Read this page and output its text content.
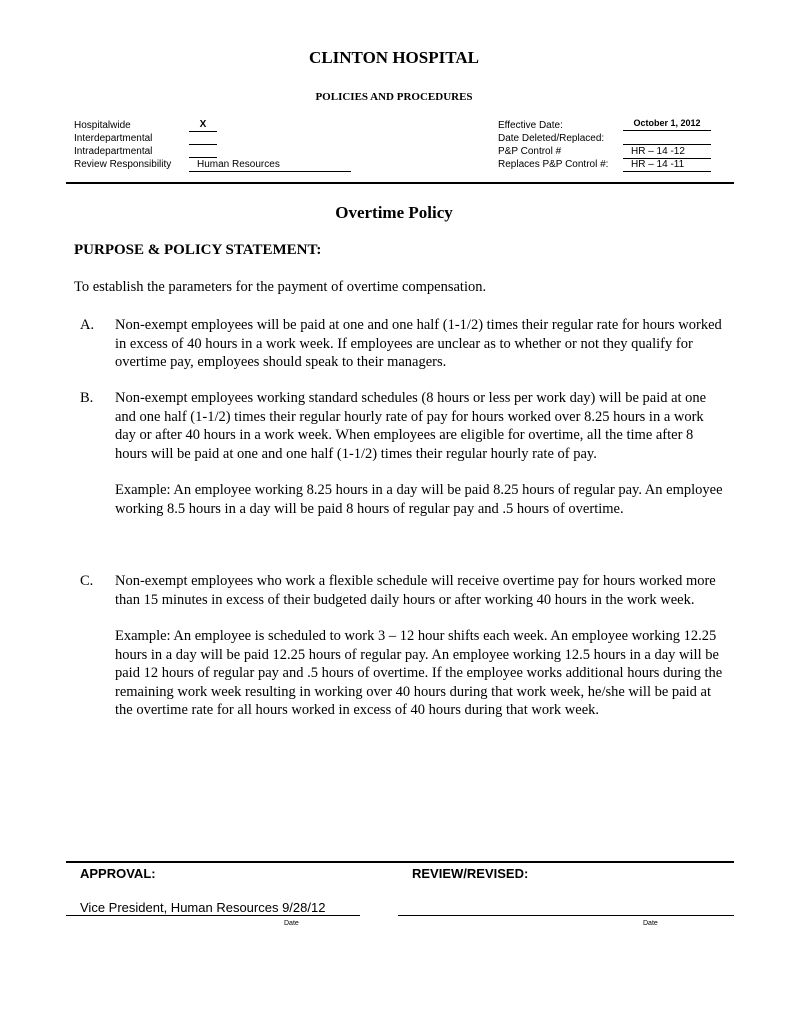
CLINTON HOSPITAL
POLICIES AND PROCEDURES
Hospitalwide	X
Interdepartmental
Intradepartmental
Review Responsibility	Human Resources
Effective Date:	October 1, 2012
Date Deleted/Replaced:
P&P Control #	HR – 14 -12
Replaces P&P Control #:	HR – 14 -11
Overtime Policy
PURPOSE & POLICY STATEMENT:
To establish the parameters for the payment of overtime compensation.
A. Non-exempt employees will be paid at one and one half (1-1/2) times their regular rate for hours worked in excess of 40 hours in a work week. If employees are unclear as to whether or not they qualify for overtime pay, employees should speak to their managers.
B. Non-exempt employees working standard schedules (8 hours or less per work day) will be paid at one and one half (1-1/2) times their regular hourly rate of pay for hours worked over 8.25 hours in a work day or after 40 hours in a work week. When employees are eligible for overtime, all the time after 8 hours will be paid at one and one half (1-1/2) times their regular hourly rate of pay.
Example: An employee working 8.25 hours in a day will be paid 8.25 hours of regular pay. An employee working 8.5 hours in a day will be paid 8 hours of regular pay and .5 hours of overtime.
C. Non-exempt employees who work a flexible schedule will receive overtime pay for hours worked more than 15 minutes in excess of their budgeted daily hours or after working 40 hours in the work week.
Example: An employee is scheduled to work 3 – 12 hour shifts each week. An employee working 12.25 hours in a day will be paid 12.25 hours of regular pay. An employee working 12.5 hours in a day will be paid 12 hours of regular pay and .5 hours of overtime. If the employee works additional hours during the remaining work week resulting in working over 40 hours during that work week, he/she will be paid at the overtime rate for all hours worked in excess of 40 hours during that work week.
APPROVAL:	REVIEW/REVISED:
Vice President, Human Resources 9/28/12
Date	Date
